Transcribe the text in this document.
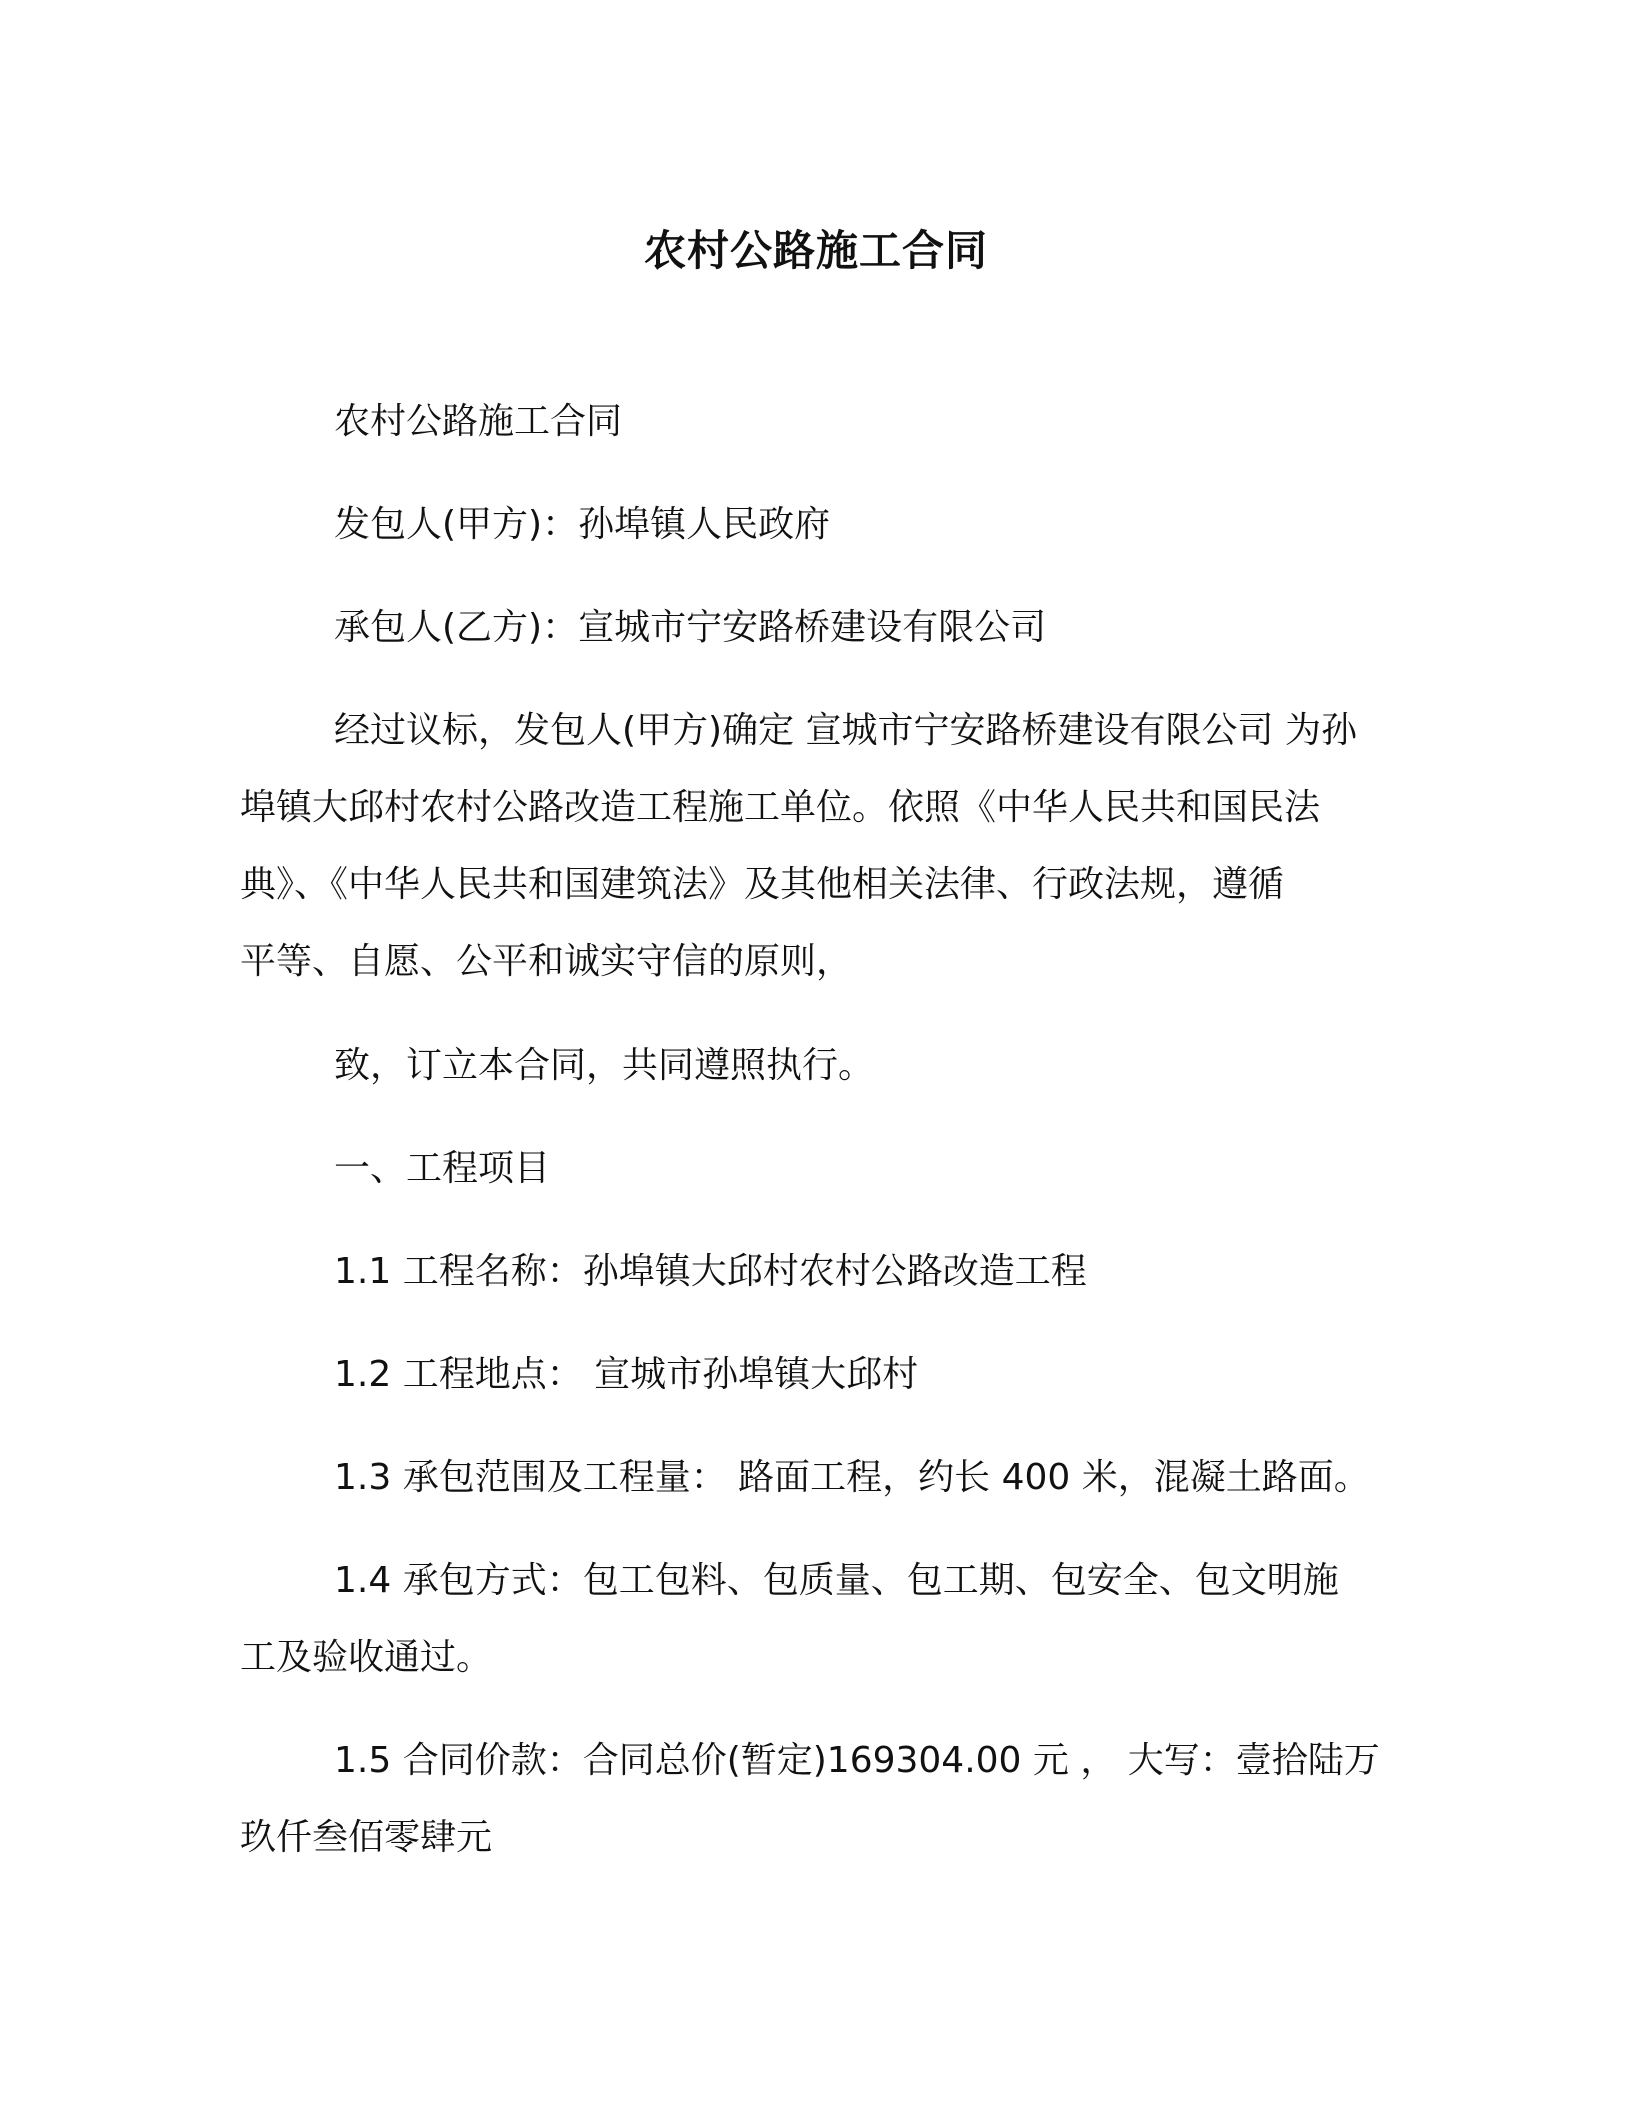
农村公路施工合同
农村公路施工合同
发包人(甲方)：孙埠镇人民政府
承包人(乙方)：宣城市宁安路桥建设有限公司
经过议标，发包人(甲方)确定 宣城市宁安路桥建设有限公司 为孙
埠镇大邱村农村公路改造工程施工单位。依照《中华人民共和国民法
典》、《中华人民共和国建筑法》及其他相关法律、行政法规，遵循
平等、自愿、公平和诚实守信的原则，
致，订立本合同，共同遵照执行。
一、工程项目
1.1 工程名称：孙埠镇大邱村农村公路改造工程
1.2 工程地点： 宣城市孙埠镇大邱村
1.3 承包范围及工程量： 路面工程，约长 400 米，混凝土路面。
1.4 承包方式：包工包料、包质量、包工期、包安全、包文明施
工及验收通过。
1.5 合同价款：合同总价(暂定)169304.00 元 ， 大写：壹拾陆万
玖仟叁佰零肆元
